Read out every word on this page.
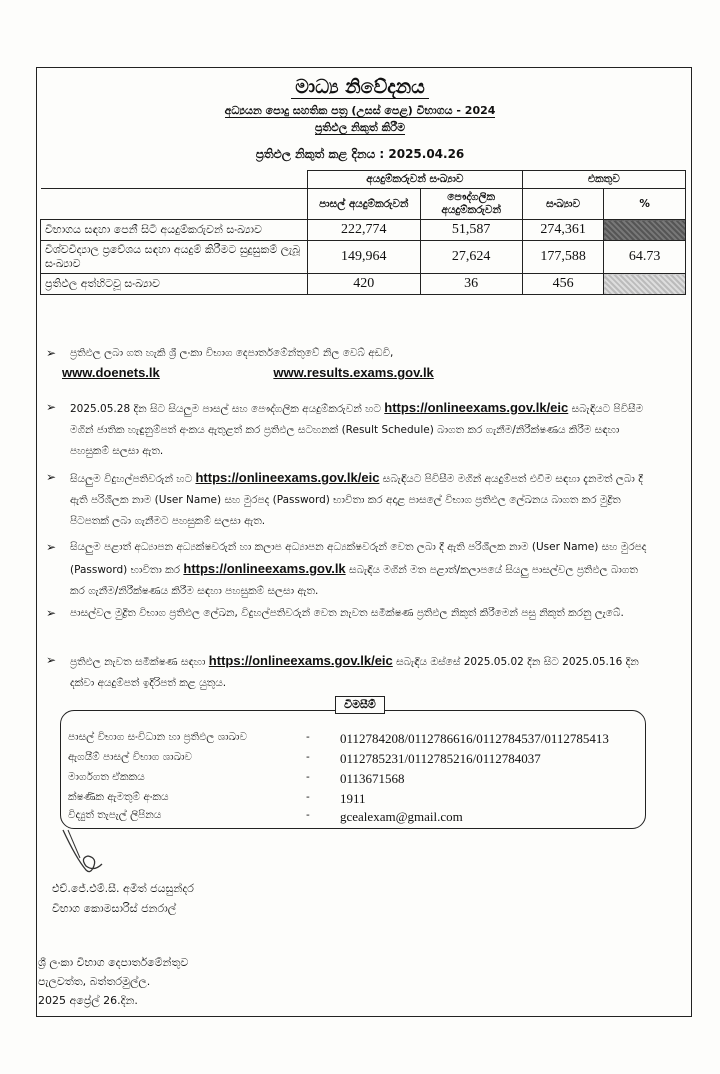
මාධ්‍ය නිවේදනය
අධ්‍යයන පොදු සහතික පත්‍ර (උසස් පෙළ) විභාගය - 2024
ප්‍රතිඵල නිකුත් කිරීම
ප්‍රතිඵල නිකුත් කළ දිනය : 2025.04.26
	අයදුම්කරුවන් සංඛ්‍යාව		එකතුව	
	පාසල් අයදුම්කරුවන්	පෞද්ගලික අයදුම්කරුවන්	සංඛ්‍යාව	%
විභාගය සඳහා පෙනී සිටි අයදුම්කරුවන් සංඛ්‍යාව	222,774	51,587	274,361	
විශ්වවිද්‍යාල ප්‍රවේශය සඳහා අයදුම් කිරීමට සුදුසුකම් ලැබූ සංඛ්‍යාව	149,964	27,624	177,588	64.73
ප්‍රතිඵල අත්හිටවූ සංඛ්‍යාව	420	36	456	
➢ ප්‍රතිඵල ලබා ගත හැකි ශ්‍රී ලංකා විභාග දෙපාර්තමේන්තුවේ නිල වෙබ් අඩවි,
www.doenets.lk	www.results.exams.gov.lk
➢ 2025.05.28 දින සිට සියලුම පාසල් සහ පෞද්ගලික අයදුම්කරුවන් හට https://onlineexams.gov.lk/eic සබැඳියට පිවිසීම මගින් ජාතික හැඳුනුම්පත් අංකය ඇතුළත් කර ප්‍රතිඵල සටහනක් (Result Schedule) බාගත කර ගැනීම/නිරීක්ෂණය කිරීම සඳහා පහසුකම් සලසා ඇත.
➢ සියලුම විදුහල්පතිවරුන් හට https://onlineexams.gov.lk/eic සබැඳියට පිවිසීම මගින් අයදුම්පත් එවීම සඳහා දැනමත් ලබා දී ඇති පරිශීලක නාම (User Name) සහ මුරපද (Password) භාවිතා කර අදාළ පාසලේ විභාග ප්‍රතිඵල ලේඛනය බාගත කර මුද්‍රිත පිටපතක් ලබා ගැනීමට පහසුකම් සලසා ඇත.
➢ සියලුම පළාත් අධ්‍යාපන අධ්‍යක්ෂවරුන් හා කලාප අධ්‍යාපන අධ්‍යක්ෂවරුන් වෙත ලබා දී ඇති පරිශීලක නාම (User Name) සහ මුරපද (Password) භාවිතා කර https://onlineexams.gov.lk සබැඳිය මගින් මත පළාත්/කලාපයේ සියලු පාසල්වල ප්‍රතිඵල බාගත කර ගැනීම/නිරීක්ෂණය කිරීම සඳහා පහසුකම් සලසා ඇත.
➢ පාසල්වල මුද්‍රිත විභාග ප්‍රතිඵල ලේඛන, විදුහල්පතිවරුන් වෙත නැවත සමීක්ෂණ ප්‍රතිඵල නිකුත් කිරීමෙන් පසු නිකුත් කරනු ලැබේ.
➢ ප්‍රතිඵල නැවත සමීක්ෂණ සඳහා https://onlineexams.gov.lk/eic සබැඳිය ඔස්සේ 2025.05.02 දින සිට 2025.05.16 දින දක්වා අයදුම්පත් ඉදිරිපත් කළ යුතුය.
විමසීම්
පාසල් විභාග සංවිධාන හා ප්‍රතිඵල ශාඛාව	- 0112784208/0112786616/0112784537/0112785413
ඇගයීම් පාසල් විභාග ශාඛාව	- 0112785231/0112785216/0112784037
මාර්ගගත ඒකකය	- 0113671568
ක්ෂණික ඇමතුම් අංකය	- 1911
විද්‍යුත් තැපැල් ලිපිනය	- gcealexam@gmail.com
එච්.ජේ.එම්.සී. අමිත් ජයසුන්දර
විභාග කොමසාරිස් ජනරාල්
ශ්‍රී ලංකා විභාග දෙපාර්තමේන්තුව
පැලවත්ත, බත්තරමුල්ල.
2025 අප්‍රේල් 26.දින.
